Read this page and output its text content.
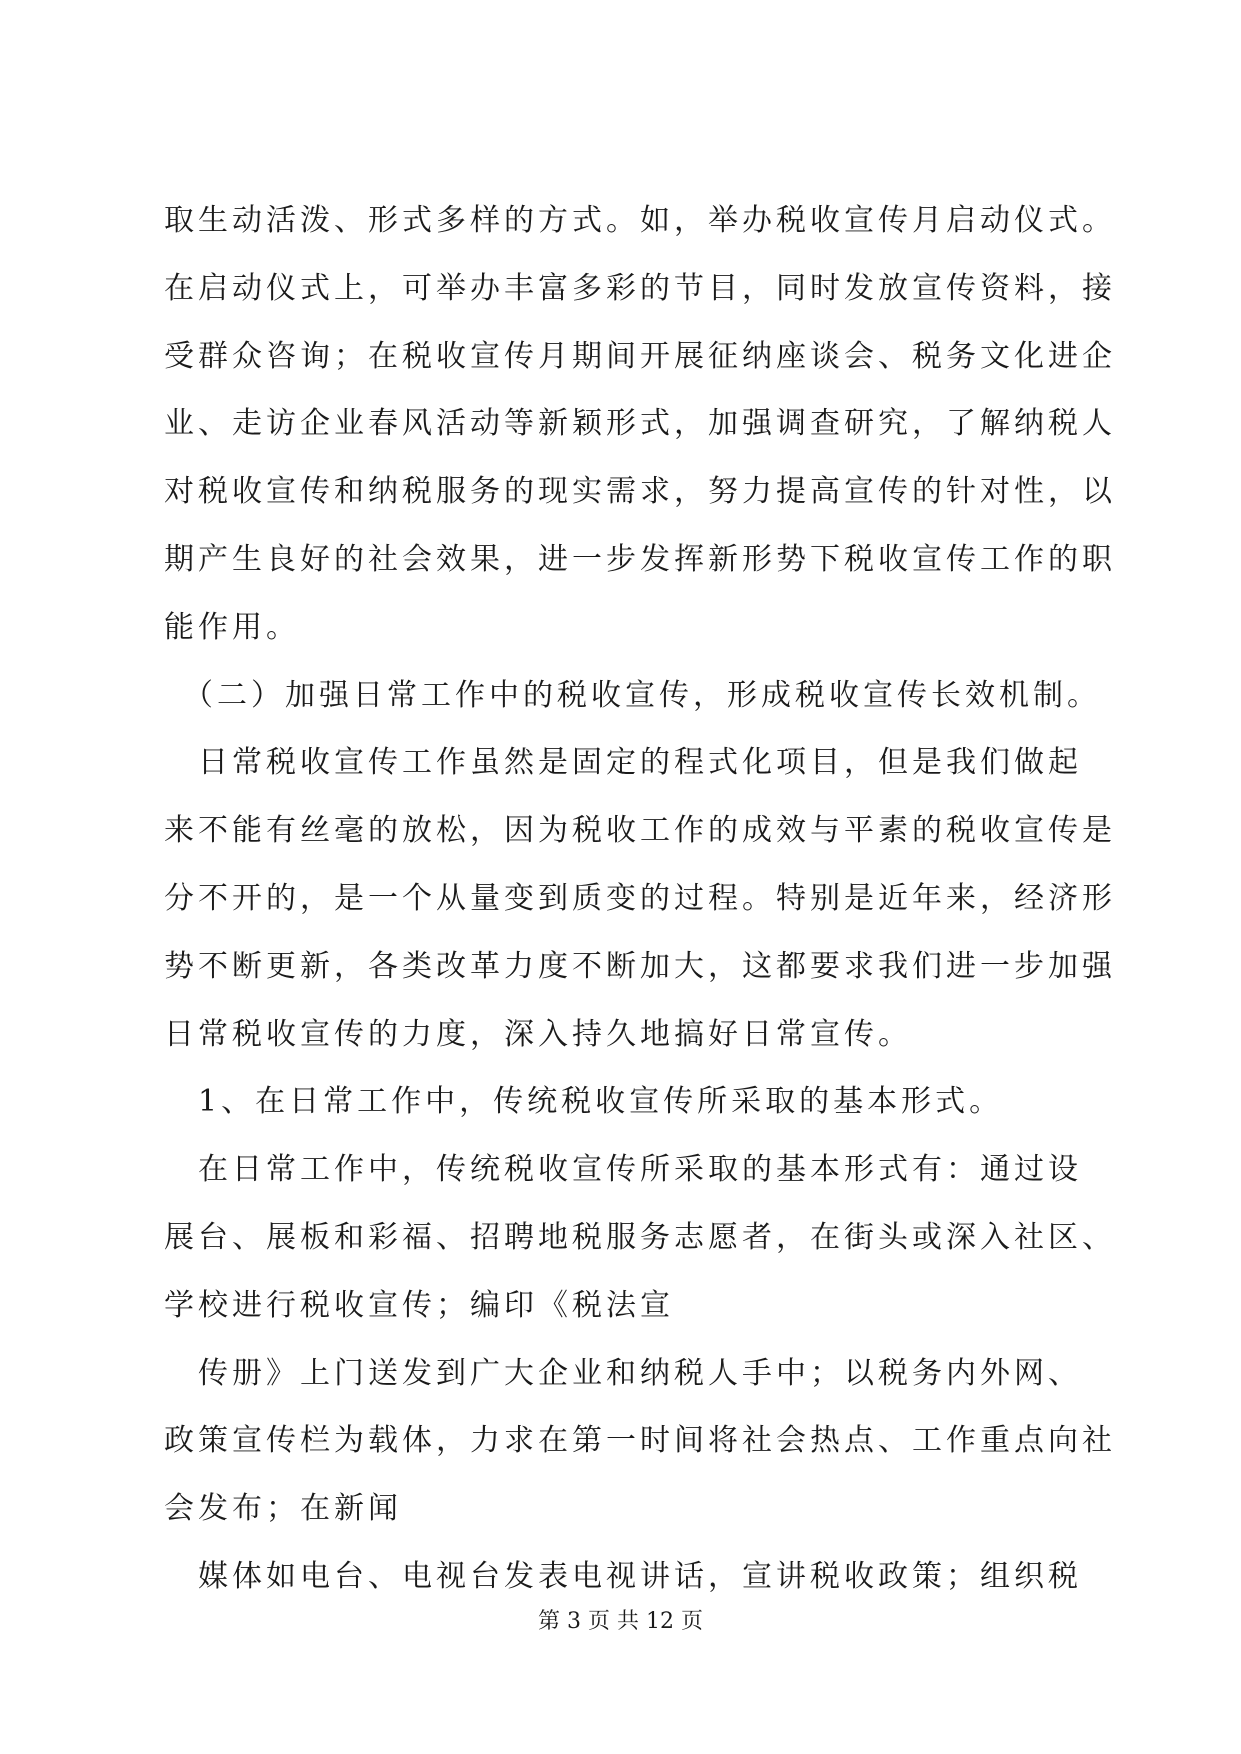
取生动活泼、形式多样的方式。如，举办税收宣传月启动仪式。
在启动仪式上，可举办丰富多彩的节目，同时发放宣传资料，接
受群众咨询；在税收宣传月期间开展征纳座谈会、税务文化进企
业、走访企业春风活动等新颖形式，加强调查研究，了解纳税人
对税收宣传和纳税服务的现实需求，努力提高宣传的针对性，以
期产生良好的社会效果，进一步发挥新形势下税收宣传工作的职
能作用。
　（二）加强日常工作中的税收宣传，形成税收宣传长效机制。
　日常税收宣传工作虽然是固定的程式化项目，但是我们做起
来不能有丝毫的放松，因为税收工作的成效与平素的税收宣传是
分不开的，是一个从量变到质变的过程。特别是近年来，经济形
势不断更新，各类改革力度不断加大，这都要求我们进一步加强
日常税收宣传的力度，深入持久地搞好日常宣传。
　1、在日常工作中，传统税收宣传所采取的基本形式。
　在日常工作中，传统税收宣传所采取的基本形式有：通过设
展台、展板和彩福、招聘地税服务志愿者，在街头或深入社区、
学校进行税收宣传；编印《税法宣
　传册》上门送发到广大企业和纳税人手中；以税务内外网、
政策宣传栏为载体，力求在第一时间将社会热点、工作重点向社
会发布；在新闻
　媒体如电台、电视台发表电视讲话，宣讲税收政策；组织税
第 3 页 共 12 页
